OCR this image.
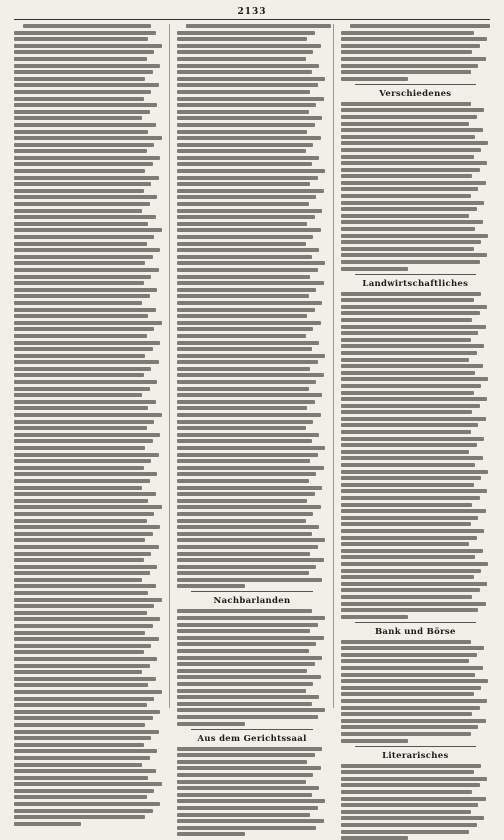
2133
Nachbarlanden
Aus dem Gerichtssaal
Verschiedenes
Landwirtschaftliches
Bank und Börse
Literarisches
